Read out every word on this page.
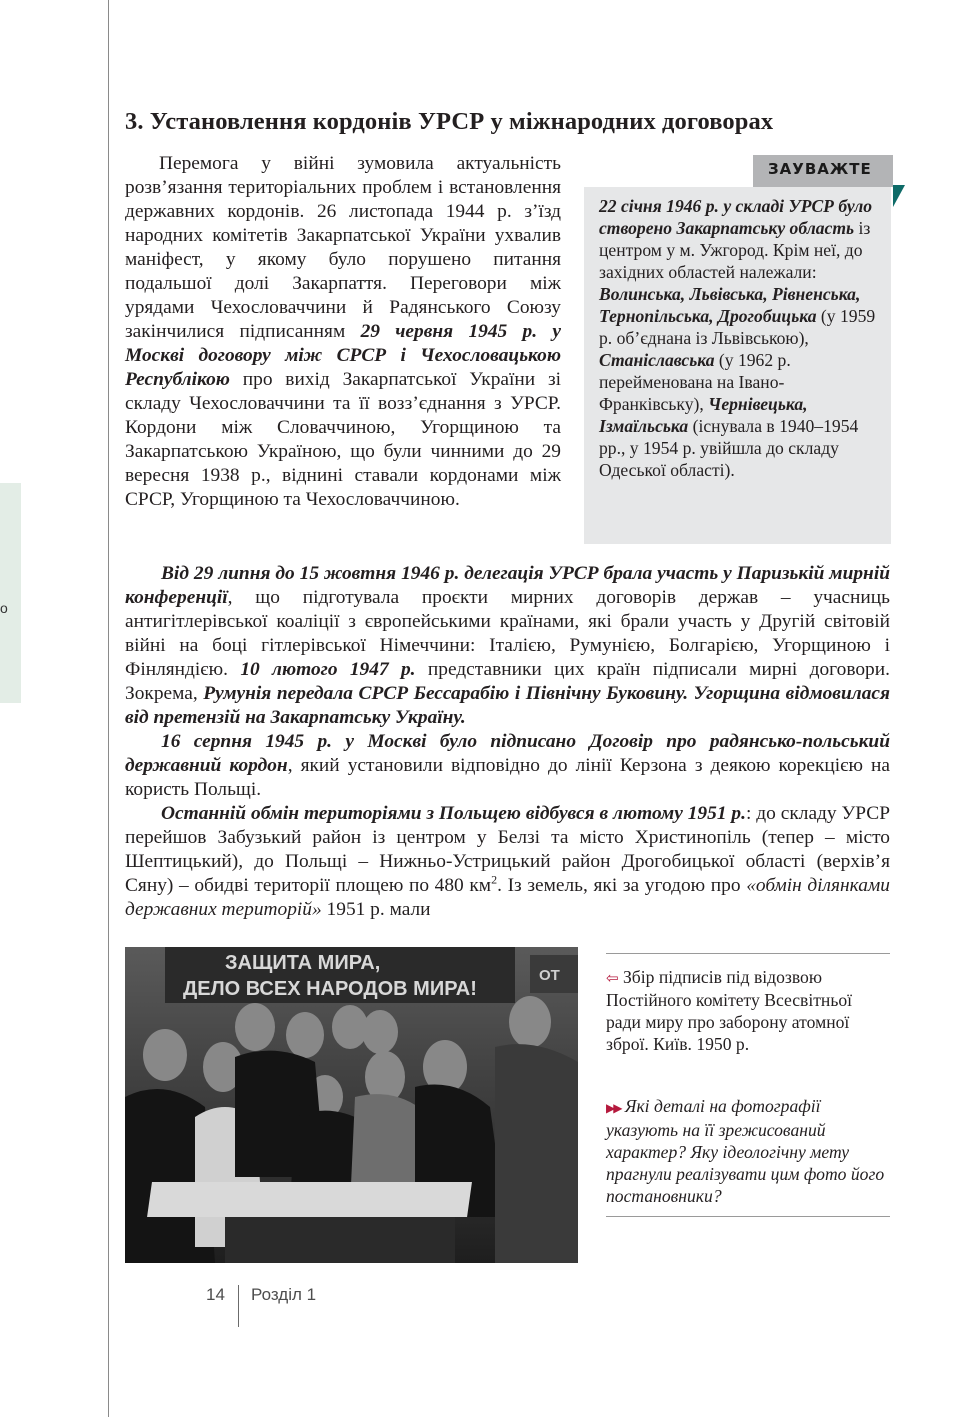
о
3. Установлення кордонів УРСР у міжнародних договорах

Перемога у війні зумовила актуальність розв’язання територіальних проблем і встановлення державних кордонів. 26 листопада 1944 р. з’їзд народних комітетів Закарпатської України ухвалив маніфест, у якому було порушено питання подальшої долі Закарпаття. Переговори між урядами Чехословаччини й Радянського Союзу закінчилися підписанням 29 червня 1945 р. у Москві договору між СРСР і Чехословацькою Республікою про вихід Закарпатської України зі складу Чехословаччини та її возз’єднання з УРСР. Кордони між Словаччиною, Угорщиною та Закарпатською Україною, що були чинними до 29 вересня 1938 р., віднині ставали кордонами між СРСР, Угорщиною та Чехословаччиною.

ЗАУВАЖТЕ

22 січня 1946 р. у складі УРСР було створено Закарпатську область із центром у м. Ужгород. Крім неї, до західних областей належали: Волинська, Львівська, Рівненська, Тернопільська, Дрогобицька (у 1959 р. об’єднана із Львівською), Станіславська (у 1962 р. перейменована на Івано-Франківську), Чернівецька, Ізмаїльська (існувала в 1940–1954 рр., у 1954 р. увійшла до складу Одеської області).

Від 29 липня до 15 жовтня 1946 р. делегація УРСР брала участь у Паризькій мирній конференції, що підготувала проєкти мирних договорів держав – учасниць антигітлерівської коаліції з європейськими країнами, які брали участь у Другій світовій війні на боці гітлерівської Німеччини: Італією, Румунією, Болгарією, Угорщиною і Фінляндією. 10 лютого 1947 р. представники цих країн підписали мирні договори. Зокрема, Румунія передала СРСР Бессарабію і Північну Буковину. Угорщина відмовилася від претензій на Закарпатську Україну.

16 серпня 1945 р. у Москві було підписано Договір про радянсько-польський державний кордон, який установили відповідно до лінії Керзона з деякою корекцією на користь Польщі.

Останній обмін територіями з Польщею відбувся в лютому 1951 р.: до складу УРСР перейшов Забузький район із центром у Белзі та місто Христинопіль (тепер – місто Шептицький), до Польщі – Нижньо-Устрицький район Дрогобицької області (верхів’я Сяну) – обидві території площею по 480 $км^2$. Із земель, які за угодою про «обмін ділянками державних територій» 1951 р. мали

ЗАЩИТА МИРА,
ДЕЛО ВСЕХ НАРОДОВ МИРА!
ОТ	⇦ Збір підписів під відозвою Постійного комітету Всесвітньої ради миру про заборону атомної зброї. Київ. 1950 р.

▶▶ Які деталі на фотографії указують на її зрежисований характер? Яку ідеологічну мету прагнули реалізувати цим фото його постановники?

14 Розділ 1
